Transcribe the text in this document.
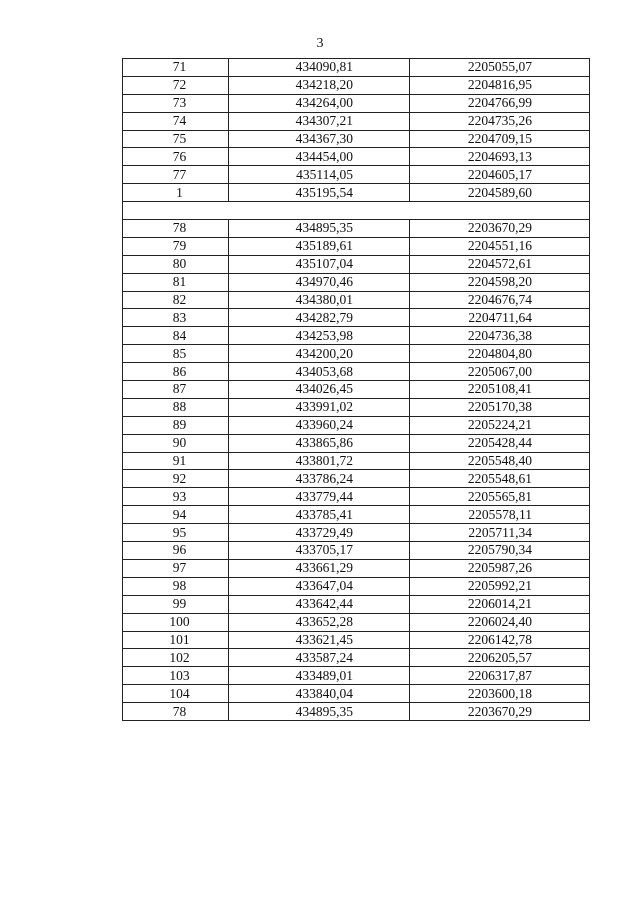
3
71	434090,81	2205055,07
72	434218,20	2204816,95
73	434264,00	2204766,99
74	434307,21	2204735,26
75	434367,30	2204709,15
76	434454,00	2204693,13
77	435114,05	2204605,17
1	435195,54	2204589,60

78	434895,35	2203670,29
79	435189,61	2204551,16
80	435107,04	2204572,61
81	434970,46	2204598,20
82	434380,01	2204676,74
83	434282,79	2204711,64
84	434253,98	2204736,38
85	434200,20	2204804,80
86	434053,68	2205067,00
87	434026,45	2205108,41
88	433991,02	2205170,38
89	433960,24	2205224,21
90	433865,86	2205428,44
91	433801,72	2205548,40
92	433786,24	2205548,61
93	433779,44	2205565,81
94	433785,41	2205578,11
95	433729,49	2205711,34
96	433705,17	2205790,34
97	433661,29	2205987,26
98	433647,04	2205992,21
99	433642,44	2206014,21
100	433652,28	2206024,40
101	433621,45	2206142,78
102	433587,24	2206205,57
103	433489,01	2206317,87
104	433840,04	2203600,18
78	434895,35	2203670,29
